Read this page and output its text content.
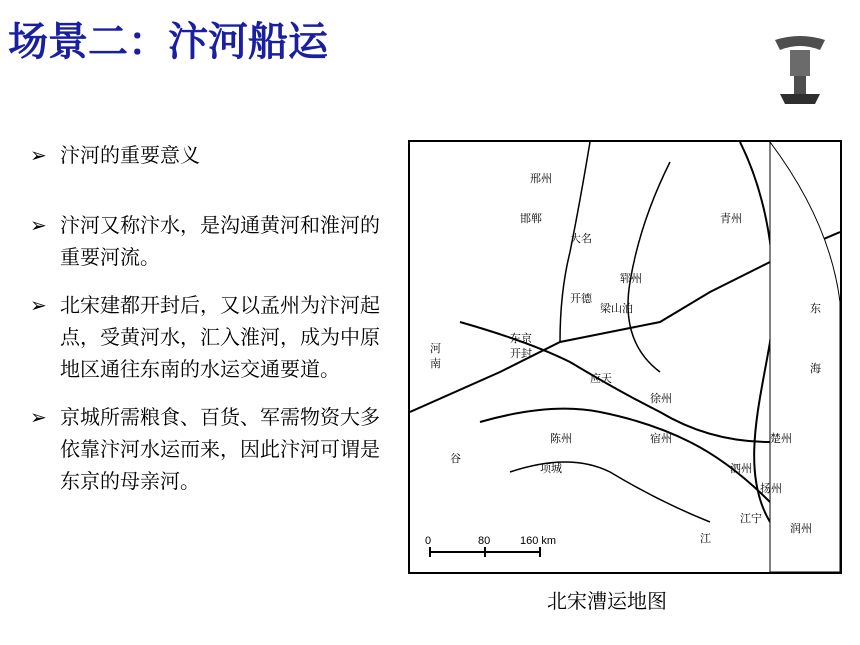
场景二：汴河船运
➢ 汴河的重要意义
➢ 汴河又称汴水，是沟通黄河和淮河的重要河流。
➢ 北宋建都开封后，又以孟州为汴河起点，受黄河水，汇入淮河，成为中原地区通往东南的水运交通要道。
➢ 京城所需粮食、百货、军需物资大多依靠汴河水运而来，因此汴河可谓是东京的母亲河。
东京
开封
应天
徐州
宿州
陈州	楚州
扬州
江宁
润州
泗州
东
海
大名
邯郸
邢州
青州
郓州
梁山泊
项城
开德
河
南
谷
江
0	80	160 km
北宋漕运地图
